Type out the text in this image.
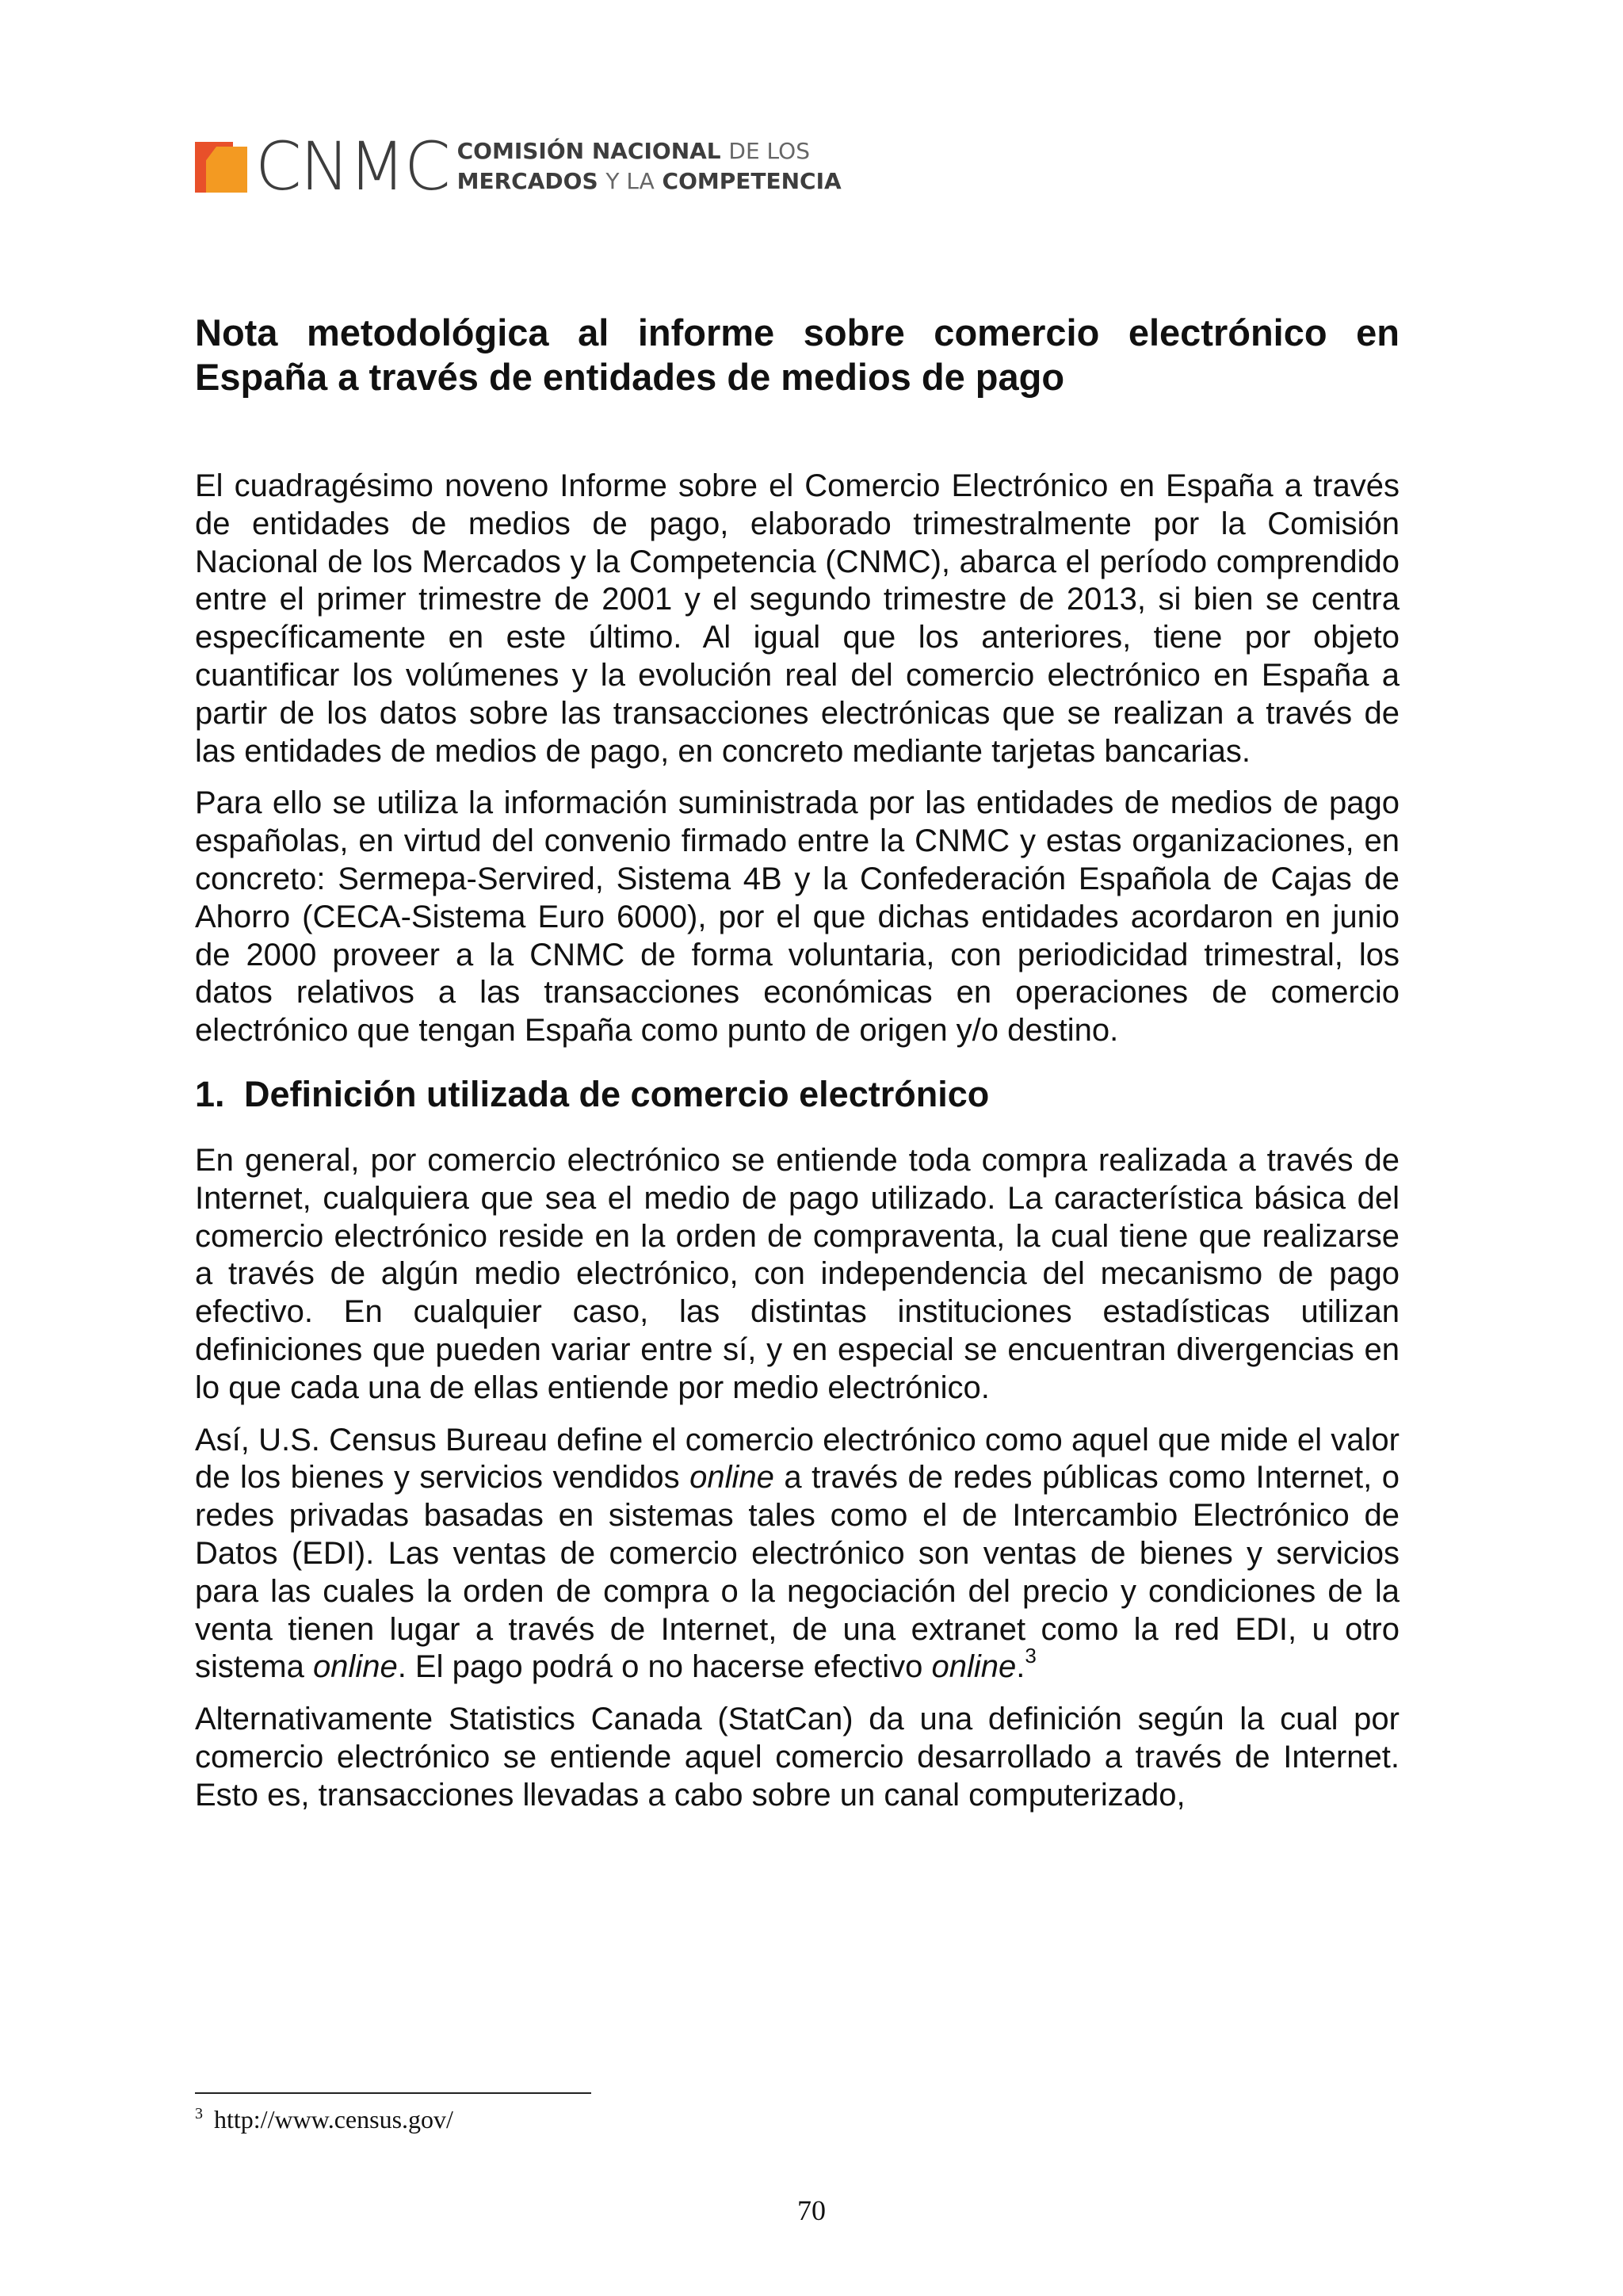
CNMC COMISIÓN NACIONAL DE LOS
MERCADOS Y LA COMPETENCIA
Nota metodológica al informe sobre comercio electrónico en España a través de entidades de medios de pago

El cuadragésimo noveno Informe sobre el Comercio Electrónico en España a través de entidades de medios de pago, elaborado trimestralmente por la Comisión Nacional de los Mercados y la Competencia (CNMC), abarca el período comprendido entre el primer trimestre de 2001 y el segundo trimestre de 2013, si bien se centra específicamente en este último. Al igual que los anteriores, tiene por objeto cuantificar los volúmenes y la evolución real del comercio electrónico en España a partir de los datos sobre las transacciones electrónicas que se realizan a través de las entidades de medios de pago, en concreto mediante tarjetas bancarias.

Para ello se utiliza la información suministrada por las entidades de medios de pago españolas, en virtud del convenio firmado entre la CNMC y estas organizaciones, en concreto: Sermepa-Servired, Sistema 4B y la Confederación Española de Cajas de Ahorro (CECA-Sistema Euro 6000), por el que dichas entidades acordaron en junio de 2000 proveer a la CNMC de forma voluntaria, con periodicidad trimestral, los datos relativos a las transacciones económicas en operaciones de comercio electrónico que tengan España como punto de origen y/o destino.

1. Definición utilizada de comercio electrónico

En general, por comercio electrónico se entiende toda compra realizada a través de Internet, cualquiera que sea el medio de pago utilizado. La característica básica del comercio electrónico reside en la orden de compraventa, la cual tiene que realizarse a través de algún medio electrónico, con independencia del mecanismo de pago efectivo. En cualquier caso, las distintas instituciones estadísticas utilizan definiciones que pueden variar entre sí, y en especial se encuentran divergencias en lo que cada una de ellas entiende por medio electrónico.

Así, U.S. Census Bureau define el comercio electrónico como aquel que mide el valor de los bienes y servicios vendidos online a través de redes públicas como Internet, o redes privadas basadas en sistemas tales como el de Intercambio Electrónico de Datos (EDI). Las ventas de comercio electrónico son ventas de bienes y servicios para las cuales la orden de compra o la negociación del precio y condiciones de la venta tienen lugar a través de Internet, de una extranet como la red EDI, u otro sistema online. El pago podrá o no hacerse efectivo online.$^3$

Alternativamente Statistics Canada (StatCan) da una definición según la cual por comercio electrónico se entiende aquel comercio desarrollado a través de Internet. Esto es, transacciones llevadas a cabo sobre un canal computerizado,

$^3$ http://www.census.gov/
70
